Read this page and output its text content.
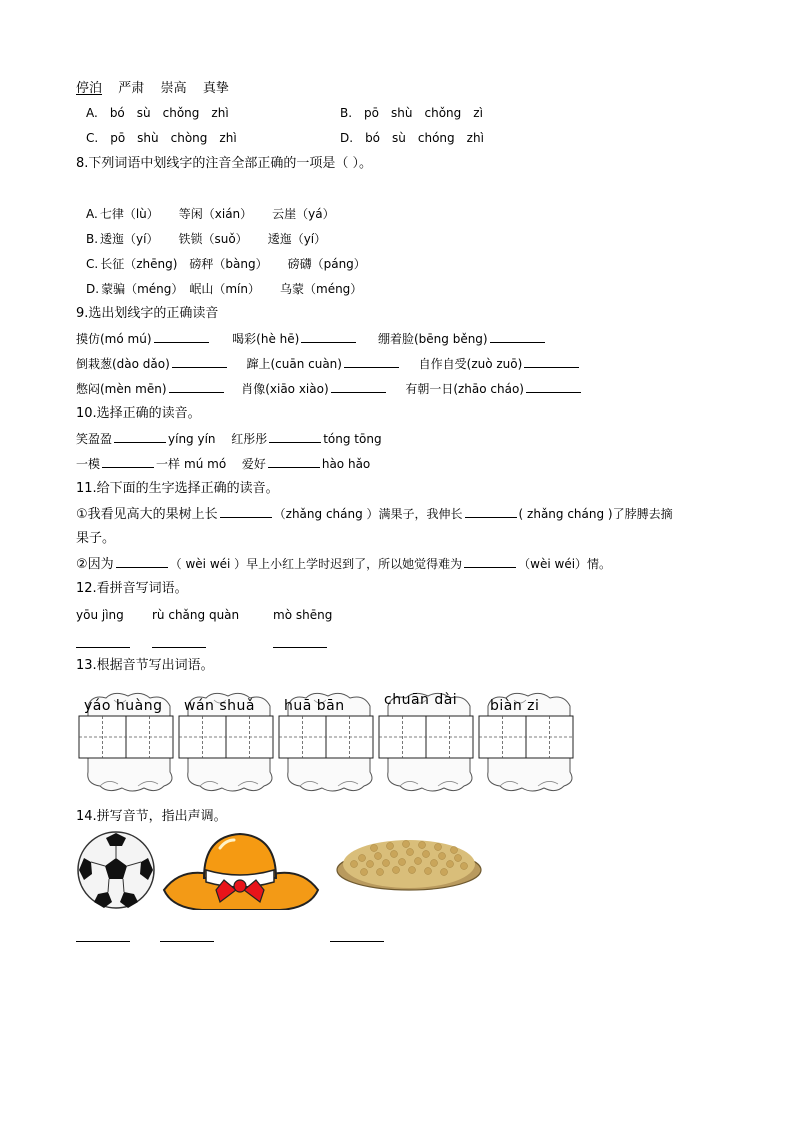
停泊 严肃 崇高 真挚
A. bó sù chǒng zhì	B. pō shù chǒng zì
C. pō shù chòng zhì	D. bó sù chóng zhì
8.下列词语中划线字的注音全部正确的一项是（ ）。
A. 七律（lù） 等闲（xián） 云崖（yá）
B. 逶迤（yí） 铁锁（suǒ） 逶迤（yí）
C. 长征（zhēng) 磅秤（bàng） 磅礴（páng）
D. 蒙骗（méng） 岷山（mín） 乌蒙（méng）
9.选出划线字的正确读音
摸仿(mó mú)	喝彩(hè hē)	绷着脸(bēng běng)
倒栽葱(dào dǎo)	蹿上(cuān cuàn)	自作自受(zuò zuō)
憋闷(mèn mēn)	肖像(xiāo xiào)	有朝一日(zhāo cháo)
10.选择正确的读音。
笑盈盈	yíng yín 红彤彤	tóng tōng
一模	一样 mú mó 爱好	hào hǎo
11.给下面的生字选择正确的读音。
①我看见高大的果树上长	（zhǎng cháng ）满果子，我伸长	( zhǎng cháng )了脖膊去摘
果子。
②因为	（ wèi wéi ）早上小红上学时迟到了，所以她觉得难为	（wèi wéi）情。
12.看拼音写词语。
yōu jìng rù chǎng quàn	mò shēng
13.根据音节写出词语。
yáo huàng wán shuǎ huā bān	chuān dài biàn zi
14.拼写音节，指出声调。
